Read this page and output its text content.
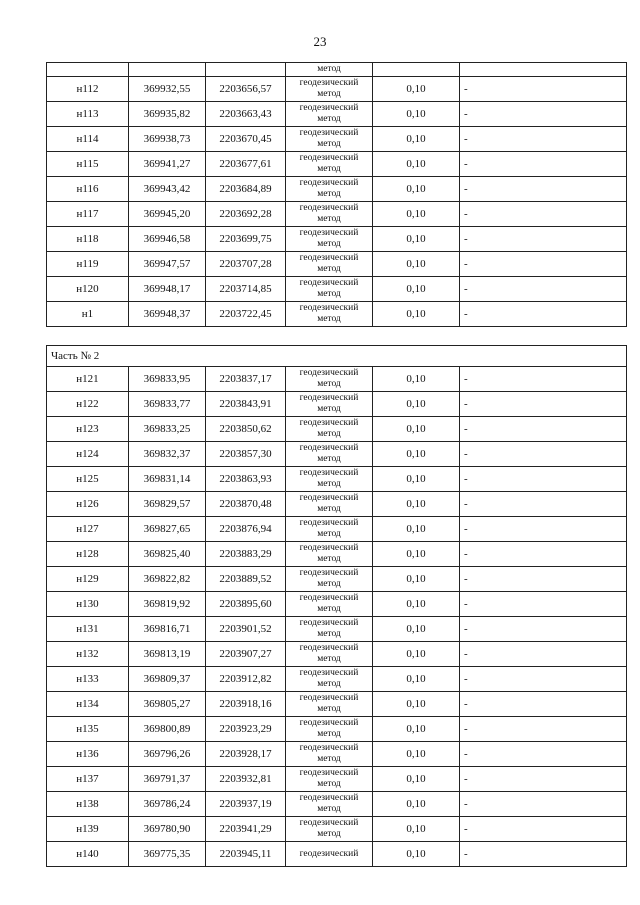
23
			метод		
н112	369932,55	2203656,57	геодезический
метод	0,10	-
н113	369935,82	2203663,43	геодезический
метод	0,10	-
н114	369938,73	2203670,45	геодезический
метод	0,10	-
н115	369941,27	2203677,61	геодезический
метод	0,10	-
н116	369943,42	2203684,89	геодезический
метод	0,10	-
н117	369945,20	2203692,28	геодезический
метод	0,10	-
н118	369946,58	2203699,75	геодезический
метод	0,10	-
н119	369947,57	2203707,28	геодезический
метод	0,10	-
н120	369948,17	2203714,85	геодезический
метод	0,10	-
н1	369948,37	2203722,45	геодезический
метод	0,10	-
Часть № 2					
н121	369833,95	2203837,17	геодезический
метод	0,10	-
н122	369833,77	2203843,91	геодезический
метод	0,10	-
н123	369833,25	2203850,62	геодезический
метод	0,10	-
н124	369832,37	2203857,30	геодезический
метод	0,10	-
н125	369831,14	2203863,93	геодезический
метод	0,10	-
н126	369829,57	2203870,48	геодезический
метод	0,10	-
н127	369827,65	2203876,94	геодезический
метод	0,10	-
н128	369825,40	2203883,29	геодезический
метод	0,10	-
н129	369822,82	2203889,52	геодезический
метод	0,10	-
н130	369819,92	2203895,60	геодезический
метод	0,10	-
н131	369816,71	2203901,52	геодезический
метод	0,10	-
н132	369813,19	2203907,27	геодезический
метод	0,10	-
н133	369809,37	2203912,82	геодезический
метод	0,10	-
н134	369805,27	2203918,16	геодезический
метод	0,10	-
н135	369800,89	2203923,29	геодезический
метод	0,10	-
н136	369796,26	2203928,17	геодезический
метод	0,10	-
н137	369791,37	2203932,81	геодезический
метод	0,10	-
н138	369786,24	2203937,19	геодезический
метод	0,10	-
н139	369780,90	2203941,29	геодезический
метод	0,10	-
н140	369775,35	2203945,11	геодезический	0,10	-
